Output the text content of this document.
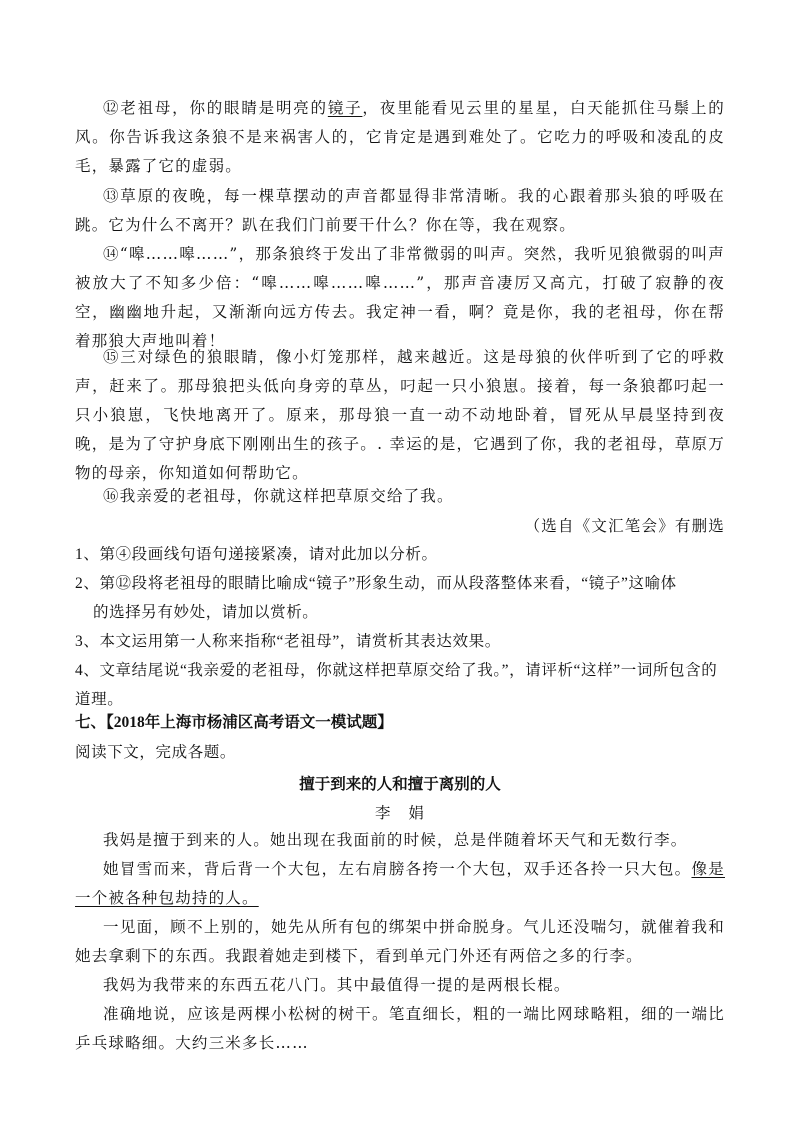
⑫老祖母，你的眼睛是明亮的镜子，夜里能看见云里的星星，白天能抓住马鬃上的风。你告诉我这条狼不是来祸害人的，它肯定是遇到难处了。它吃力的呼吸和凌乱的皮毛，暴露了它的虚弱。

⑬草原的夜晚，每一棵草摆动的声音都显得非常清晰。我的心跟着那头狼的呼吸在跳。它为什么不离开？趴在我们门前要干什么？你在等，我在观察。

⑭“嗥……嗥……”，那条狼终于发出了非常微弱的叫声。突然，我听见狼微弱的叫声被放大了不知多少倍：“嗥……嗥……嗥……”，那声音凄厉又高亢，打破了寂静的夜空，幽幽地升起，又渐渐向远方传去。我定神一看，啊？竟是你，我的老祖母，你在帮着那狼大声地叫着！

⑮三对绿色的狼眼睛，像小灯笼那样，越来越近。这是母狼的伙伴听到了它的呼救声，赶来了。那母狼把头低向身旁的草丛，叼起一只小狼崽。接着，每一条狼都叼起一只小狼崽，飞快地离开了。原来，那母狼一直一动不动地卧着，冒死从早晨坚持到夜晚，是为了守护身底下刚刚出生的孩子。. 幸运的是，它遇到了你，我的老祖母，草原万物的母亲，你知道如何帮助它。

⑯我亲爱的老祖母，你就这样把草原交给了我。

（选自《文汇笔会》有删选
1、第④段画线句语句递接紧凑，请对此加以分析。
2、第⑫段将老祖母的眼睛比喻成“镜子”形象生动，而从段落整体来看，“镜子”这喻体
的选择另有妙处，请加以赏析。
3、本文运用第一人称来指称“老祖母”，请赏析其表达效果。
4、文章结尾说“我亲爱的老祖母，你就这样把草原交给了我。”，请评析“这样”一词所包含的道理。
七、【2018年上海市杨浦区高考语文一模试题】
阅读下文，完成各题。
擅于到来的人和擅于离别的人
李　娟

我妈是擅于到来的人。她出现在我面前的时候，总是伴随着坏天气和无数行李。

她冒雪而来，背后背一个大包，左右肩膀各挎一个大包，双手还各拎一只大包。像是一个被各种包劫持的人。

一见面，顾不上别的，她先从所有包的绑架中拼命脱身。气儿还没喘匀，就催着我和她去拿剩下的东西。我跟着她走到楼下，看到单元门外还有两倍之多的行李。

我妈为我带来的东西五花八门。其中最值得一提的是两根长棍。

准确地说，应该是两棵小松树的树干。笔直细长，粗的一端比网球略粗，细的一端比乒乓球略细。大约三米多长……
